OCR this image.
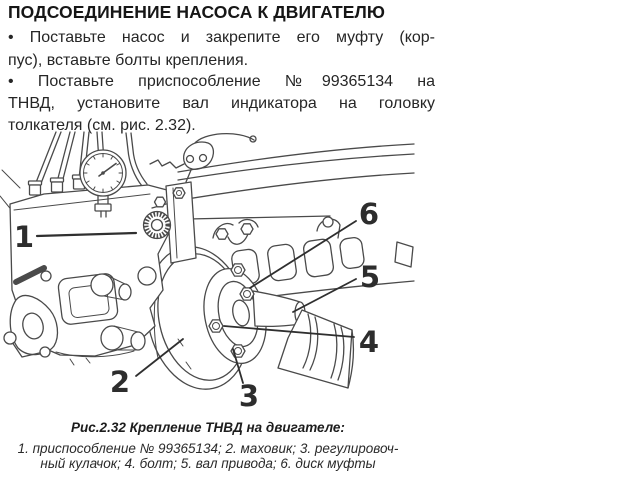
ПОДСОЕДИНЕНИЕ НАСОСА К ДВИГАТЕЛЮ
• Поставьте насос и закрепите его муфту (кор-
пус), вставьте болты крепления.
• Поставьте приспособление №99365134 на
ТНВД, установите вал индикатора на головку
толкателя (см. рис. 2.32).
1
2	3
4
5
6
Рис.2.32 Крепление ТНВД на двигателе:
1. приспособление № 99365134; 2. маховик; 3. регулировоч-
ный кулачок; 4. болт; 5. вал привода; 6. диск муфты
